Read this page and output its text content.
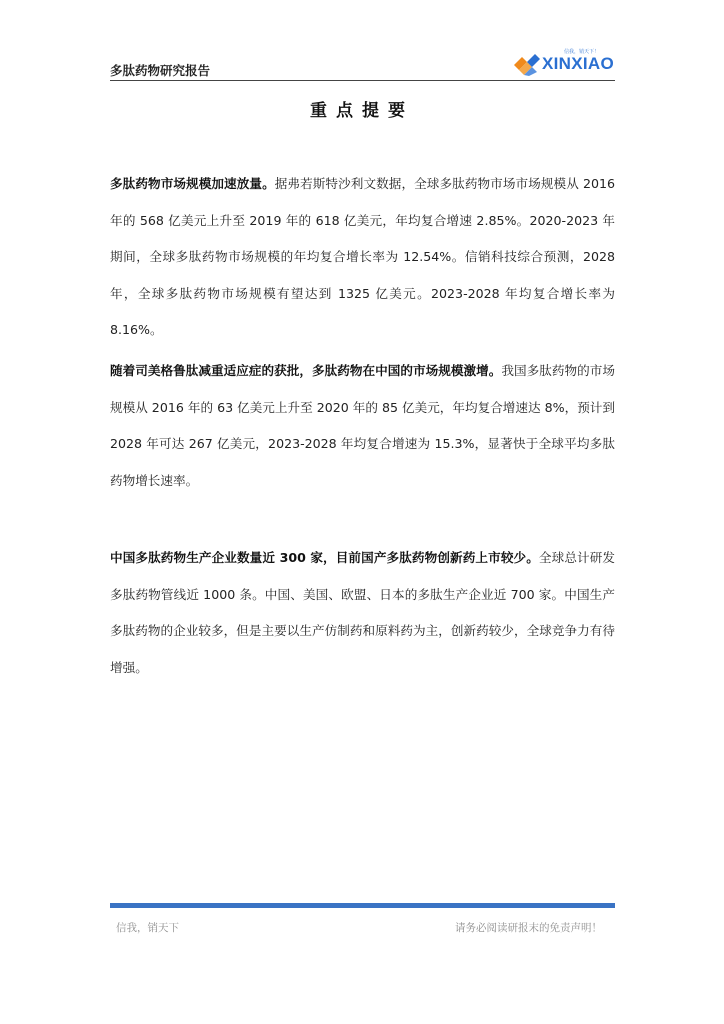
多肽药物研究报告
信我，销天下！
XINXIAO
重点提要
多肽药物市场规模加速放量。据弗若斯特沙利文数据，全球多肽药物市场市场规模从 2016 年的 568 亿美元上升至 2019 年的 618 亿美元，年均复合增速 2.85%。2020-2023 年期间，全球多肽药物市场规模的年均复合增长率为 12.54%。信销科技综合预测，2028 年，全球多肽药物市场规模有望达到 1325 亿美元。2023-2028 年均复合增长率为 8.16%。
随着司美格鲁肽减重适应症的获批，多肽药物在中国的市场规模激增。我国多肽药物的市场规模从 2016 年的 63 亿美元上升至 2020 年的 85 亿美元，年均复合增速达 8%，预计到 2028 年可达 267 亿美元，2023-2028 年均复合增速为 15.3%，显著快于全球平均多肽药物增长速率。
中国多肽药物生产企业数量近 300 家，目前国产多肽药物创新药上市较少。全球总计研发多肽药物管线近 1000 条。中国、美国、欧盟、日本的多肽生产企业近 700 家。中国生产多肽药物的企业较多，但是主要以生产仿制药和原料药为主，创新药较少，全球竞争力有待增强。
信我，销天下	请务必阅读研报末的免责声明！
